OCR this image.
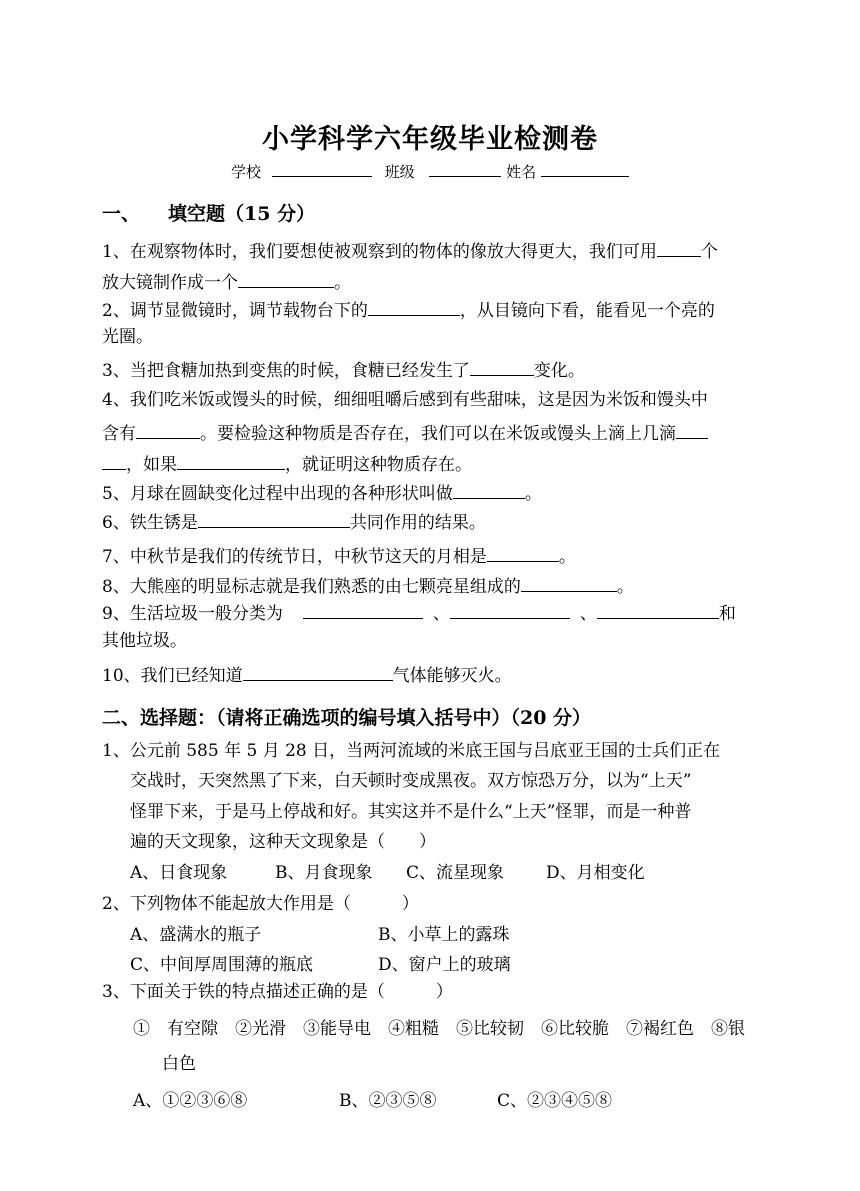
小学科学六年级毕业检测卷
学校	班级	姓名
一、 填空题（15 分）
1、在观察物体时，我们要想使被观察到的物体的像放大得更大，我们可用	个
放大镜制作成一个	。
2、调节显微镜时，调节载物台下的	，从目镜向下看，能看见一个亮的
光圈。
3、当把食糖加热到变焦的时候，食糖已经发生了	变化。
4、我们吃米饭或馒头的时候，细细咀嚼后感到有些甜味，这是因为米饭和馒头中
含有	。要检验这种物质是否存在，我们可以在米饭或馒头上滴上几滴
，如果	，就证明这种物质存在。
5、月球在圆缺变化过程中出现的各种形状叫做	。
6、铁生锈是	共同作用的结果。
7、中秋节是我们的传统节日，中秋节这天的月相是	。
8、大熊座的明显标志就是我们熟悉的由七颗亮星组成的	。
9、生活垃圾一般分类为	、	、	和
其他垃圾。
10、我们已经知道	气体能够灭火。
二、选择题：（请将正确选项的编号填入括号中）（20 分）
1、公元前 585 年 5 月 28 日，当两河流域的米底王国与吕底亚王国的士兵们正在
交战时，天突然黑了下来，白天顿时变成黑夜。双方惊恐万分，以为“上天”
怪罪下来，于是马上停战和好。其实这并不是什么“上天”怪罪，而是一种普
遍的天文现象，这种天文现象是（　　）
A、日食现象	B、月食现象 C、流星现象 D、月相变化
2、下列物体不能起放大作用是（　　　）
A、盛满水的瓶子	B、小草上的露珠
C、中间厚周围薄的瓶底	D、窗户上的玻璃
3、下面关于铁的特点描述正确的是（　　　）
①　有空隙　②光滑　③能导电　④粗糙　⑤比较韧　⑥比较脆　⑦褐红色　⑧银
白色
A、①②③⑥⑧	B、②③⑤⑧	C、②③④⑤⑧
